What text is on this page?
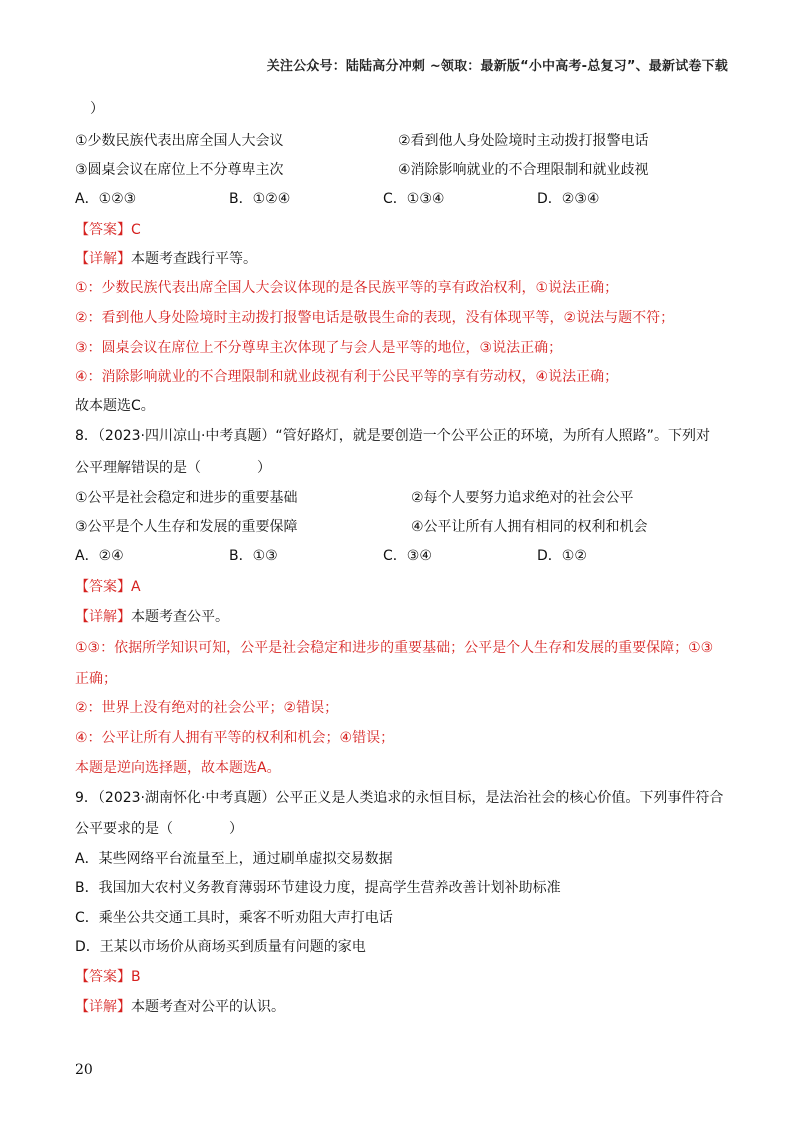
关注公众号：陆陆高分冲刺 ~领取：最新版“小中高考-总复习”、最新试卷下载
）
①少数民族代表出席全国人大会议	②看到他人身处险境时主动拨打报警电话
③圆桌会议在席位上不分尊卑主次	④消除影响就业的不合理限制和就业歧视
A．①②③	B．①②④	C．①③④	D．②③④
【答案】C
【详解】本题考查践行平等。
①：少数民族代表出席全国人大会议体现的是各民族平等的享有政治权利，①说法正确；
②：看到他人身处险境时主动拨打报警电话是敬畏生命的表现，没有体现平等，②说法与题不符；
③：圆桌会议在席位上不分尊卑主次体现了与会人是平等的地位，③说法正确；
④：消除影响就业的不合理限制和就业歧视有利于公民平等的享有劳动权，④说法正确；
故本题选C。
8．（2023·四川凉山·中考真题）“管好路灯，就是要创造一个公平公正的环境，为所有人照路”。下列对
公平理解错误的是（　　　　）
①公平是社会稳定和进步的重要基础	②每个人要努力追求绝对的社会公平
③公平是个人生存和发展的重要保障	④公平让所有人拥有相同的权利和机会
A．②④	B．①③	C．③④	D．①②
【答案】A
【详解】本题考查公平。
①③：依据所学知识可知，公平是社会稳定和进步的重要基础；公平是个人生存和发展的重要保障；①③
正确；
②：世界上没有绝对的社会公平；②错误；
④：公平让所有人拥有平等的权利和机会；④错误；
本题是逆向选择题，故本题选A。
9．（2023·湖南怀化·中考真题）公平正义是人类追求的永恒目标，是法治社会的核心价值。下列事件符合
公平要求的是（　　　　）
A．某些网络平台流量至上，通过刷单虚拟交易数据
B．我国加大农村义务教育薄弱环节建设力度，提高学生营养改善计划补助标准
C．乘坐公共交通工具时，乘客不听劝阻大声打电话
D．王某以市场价从商场买到质量有问题的家电
【答案】B
【详解】本题考查对公平的认识。
20
